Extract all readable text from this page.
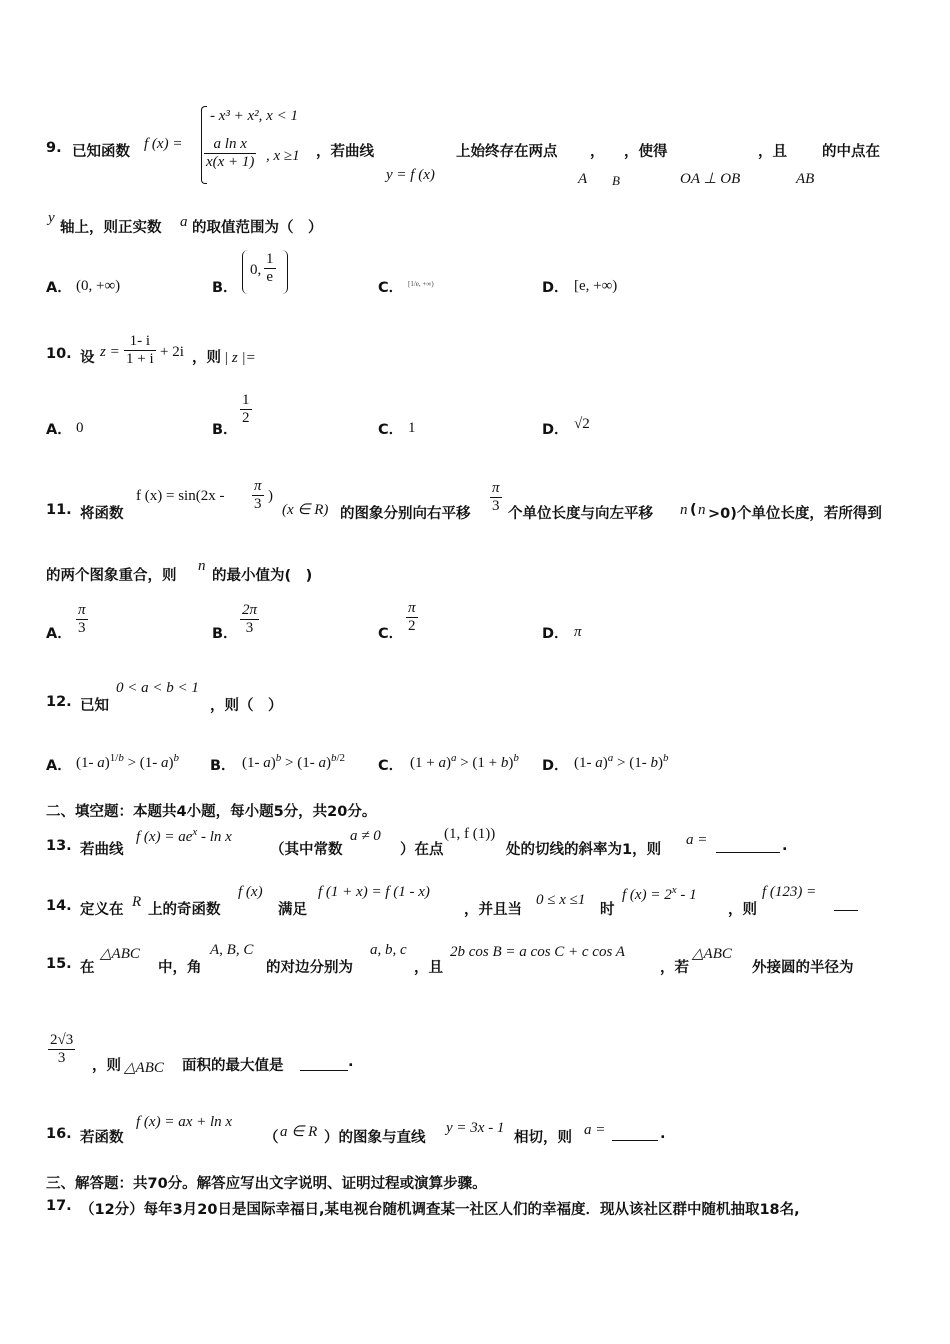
9. 已知函数 f (x) =
- x³ + x², x < 1
$\frac{\text{a ln x}}{x(x + 1)}$ , x ≥1 ，若曲线
y = f (x)
上始终存在两点
A
，
B
，使得
OA ⊥ OB
，且
AB
的中点在
y
轴上，则正实数 a 的取值范围为（　）
A． (0, +∞)	B．
0, $\frac{1}{e}$
C． [1/e, +∞)	D． [e, +∞)
10. 设 $z = \frac{1- i}{1 + i} + 2i$ ，则 | z |=
A． 0	B．
$\frac{1}{2}$
C． 1	D． √2
11. 将函数
f $(x) = \sin(2x - \frac{\pi}{3}$ )
(x ∈ R) 的图象分别向右平移 $\frac{\pi}{3}$ 个单位长度与向左平移 n ( n >0)个单位长度，若所得到
的两个图象重合，则
n
的最小值为(　)
A． $\frac{\pi}{3}$	B． $\frac{2\pi}{3}$	C． $\frac{\pi}{2}$	D． π
12. 已知
0 < a < b < 1
，则（　）
A． (1- a)$^{1/b}$ > (1- a)$^b$ B． (1- a)$^b$ > (1- a)$^{b/2}$ C． $(1 + a)^a > (1 + b)^b$ D． (1- a)$^a$ > (1- b)$^b$
二、填空题：本题共4小题，每小题5分，共20分。
13. 若曲线
f $(x) = ae^x - \ln x$
（其中常数
a ≠ 0
）在点
(1, f (1))
处的切线的斜率为1，则
a =	.
14. 定义在 R 上的奇函数
f (x)
满足
f (1 + x) = f (1 - x)
，并且当
0 ≤ x ≤1
时
f $(x) = 2^x - 1$
，则
f (123) =
15. 在
△ABC
中，角
A, B, C
的对边分别为
a, b, c
，且
2b cos B = a cos C + c cos A
，若
△ABC
外接圆的半径为
$\frac{2√3}{3}$ ，则 △ABC 面积的最大值是	.
16. 若函数
f (x) = ax + ln x
（ a ∈ R ）的图象与直线
y = 3x - 1
相切，则 a =	.
三、解答题：共70分。解答应写出文字说明、证明过程或演算步骤。
17. （12分）每年3月20日是国际幸福日,某电视台随机调查某一社区人们的幸福度．现从该社区群中随机抽取18名,
